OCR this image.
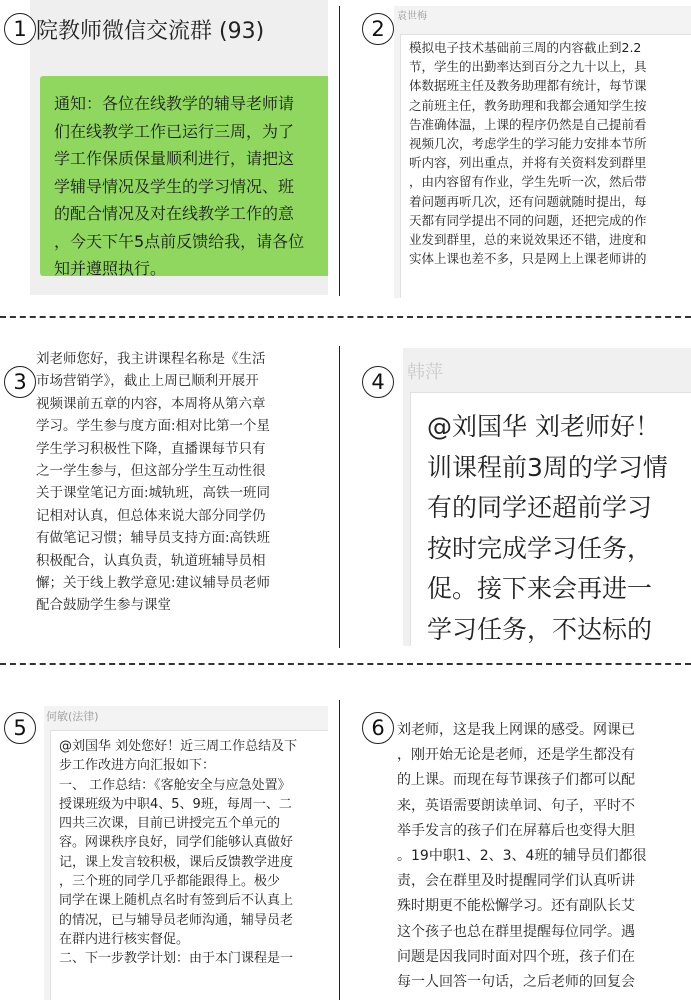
院教师微信交流群 (93)
通知：各位在线教学的辅导老师请
们在线教学工作已运行三周，为了
学工作保质保量顺利进行，请把这
学辅导情况及学生的学习情况、班
的配合情况及对在线教学工作的意
，今天下午5点前反馈给我，请各位
知并遵照执行。
1
袁世梅
模拟电子技术基础前三周的内容截止到2.2
节，学生的出勤率达到百分之九十以上，具
体数据班主任及教务助理都有统计，每节课
之前班主任，教务助理和我都会通知学生按
告准确体温，上课的程序仍然是自己提前看
视频几次，考虑学生的学习能力安排本节所
听内容，列出重点，并将有关资料发到群里
，由内容留有作业，学生先听一次，然后带
着问题再听几次，还有问题就随时提出，每
天都有同学提出不同的问题，还把完成的作
业发到群里，总的来说效果还不错，进度和
实体上课也差不多，只是网上上课老师讲的
2
刘老师您好，我主讲课程名称是《生活
市场营销学》，截止上周已顺利开展开
视频课前五章的内容，本周将从第六章
学习。学生参与度方面:相对比第一个星
学生学习积极性下降，直播课每节只有
之一学生参与，但这部分学生互动性很
关于课堂笔记方面:城轨班，高铁一班同
记相对认真，但总体来说大部分同学仍
有做笔记习惯；辅导员支持方面:高铁班
积极配合，认真负责，轨道班辅导员相
懈；关于线上教学意见:建议辅导员老师
配合鼓励学生参与课堂
3	韩萍
@刘国华 刘老师好！
训课程前3周的学习情
有的同学还超前学习
按时完成学习任务，
促。接下来会再进一
学习任务，不达标的
4
何敏(法律)
@刘国华 刘处您好！近三周工作总结及下
步工作改进方向汇报如下：
一、 工作总结：《客舱安全与应急处置》
授课班级为中职4、5、9班，每周一、二
四共三次课，目前已讲授完五个单元的
容。网课秩序良好，同学们能够认真做好
记，课上发言较积极，课后反馈教学进度
，三个班的同学几乎都能跟得上。极少
同学在课上随机点名时有签到后不认真上
的情况，已与辅导员老师沟通，辅导员老
在群内进行核实督促。
二、下一步教学计划：由于本门课程是一
5	刘老师，这是我上网课的感受。网课已
，刚开始无论是老师，还是学生都没有
的上课。而现在每节课孩子们都可以配
来，英语需要朗读单词、句子，平时不
举手发言的孩子们在屏幕后也变得大胆
。19中职1、2、3、4班的辅导员们都很
责，会在群里及时提醒同学们认真听讲
殊时期更不能松懈学习。还有副队长艾
这个孩子也总在群里提醒每位同学。遇
问题是因我同时面对四个班，孩子们在
每一人回答一句话，之后老师的回复会
6
